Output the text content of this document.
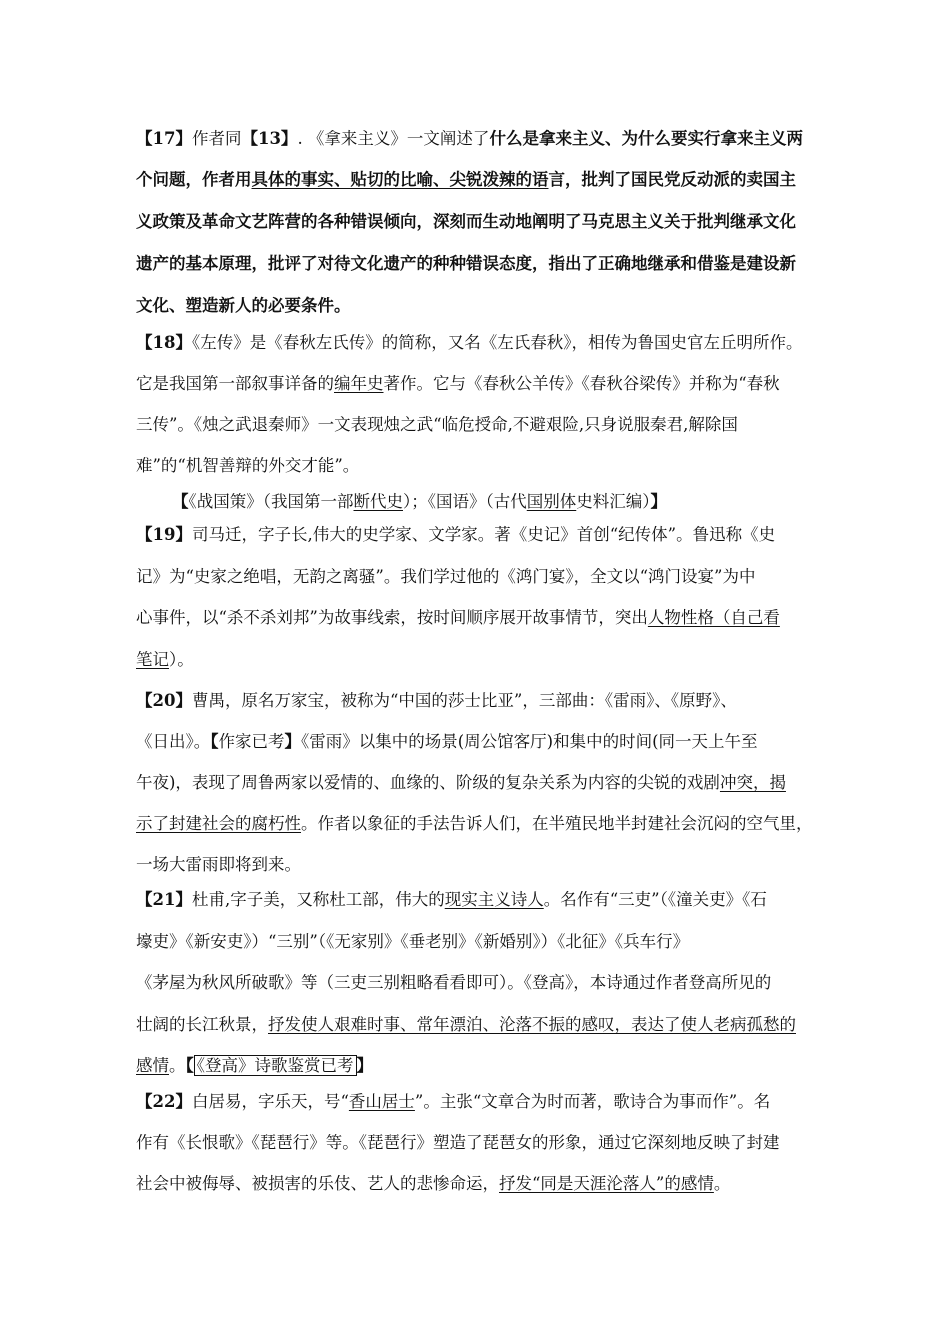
【17】作者同【13】. 《拿来主义》一文阐述了什么是拿来主义、为什么要实行拿来主义两
个问题，作者用具体的事实、贴切的比喻、尖锐泼辣的语言，批判了国民党反动派的卖国主
义政策及革命文艺阵营的各种错误倾向，深刻而生动地阐明了马克思主义关于批判继承文化
遗产的基本原理，批评了对待文化遗产的种种错误态度，指出了正确地继承和借鉴是建设新
文化、塑造新人的必要条件。
【18】《左传》是《春秋左氏传》的简称，又名《左氏春秋》，相传为鲁国史官左丘明所作。
它是我国第一部叙事详备的编年史著作。它与《春秋公羊传》《春秋谷梁传》并称为“春秋
三传”。《烛之武退秦师》一文表现烛之武“临危授命,不避艰险,只身说服秦君,解除国
难”的“机智善辩的外交才能”。
【《战国策》（我国第一部断代史）；《国语》（古代国别体史料汇编）】
【19】司马迁，字子长,伟大的史学家、文学家。著《史记》首创“纪传体”。鲁迅称《史
记》为“史家之绝唱，无韵之离骚”。我们学过他的《鸿门宴》，全文以“鸿门设宴”为中
心事件，以“杀不杀刘邦”为故事线索，按时间顺序展开故事情节，突出人物性格（自己看
笔记）。
【20】曹禺，原名万家宝，被称为“中国的莎士比亚”，三部曲：《雷雨》、《原野》、
《日出》。【作家已考】《雷雨》以集中的场景(周公馆客厅)和集中的时间(同一天上午至
午夜)，表现了周鲁两家以爱情的、血缘的、阶级的复杂关系为内容的尖锐的戏剧冲突，揭
示了封建社会的腐朽性。作者以象征的手法告诉人们，在半殖民地半封建社会沉闷的空气里，
一场大雷雨即将到来。
【21】杜甫,字子美，又称杜工部，伟大的现实主义诗人。名作有“三吏”（《潼关吏》《石
壕吏》《新安吏》）“三别”（《无家别》《垂老别》《新婚别》）《北征》《兵车行》
《茅屋为秋风所破歌》等（三吏三别粗略看看即可）。《登高》，本诗通过作者登高所见的
壮阔的长江秋景，抒发使人艰难时事、常年漂泊、沦落不振的感叹，表达了使人老病孤愁的
感情。【 《登高》诗歌鉴赏已考 】
【22】白居易，字乐天，号“香山居士”。主张“文章合为时而著，歌诗合为事而作”。名
作有《长恨歌》《琵琶行》等。《琵琶行》塑造了琵琶女的形象，通过它深刻地反映了封建
社会中被侮辱、被损害的乐伎、艺人的悲惨命运，抒发“同是天涯沦落人”的感情。
